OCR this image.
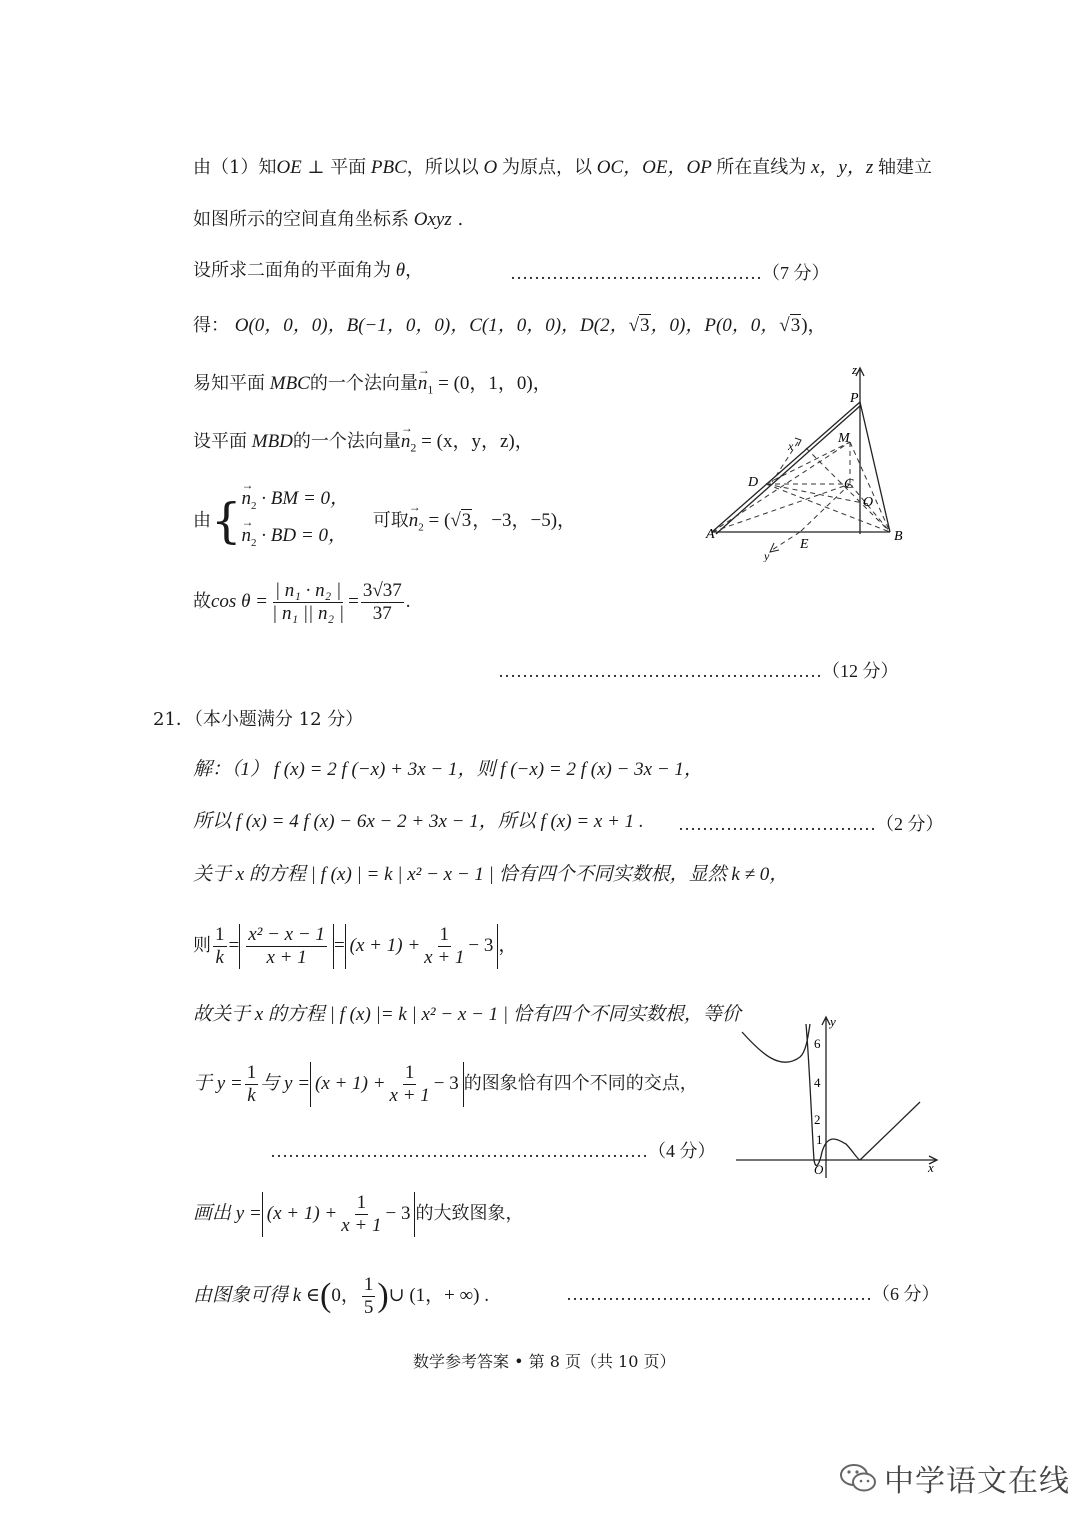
由（1）知OE ⊥ 平面 PBC，所以以 O 为原点，以 OC，OE，OP 所在直线为 x，y，z 轴建立
如图所示的空间直角坐标系 Oxyz .
设所求二面角的平面角为 θ，	……………………………………（7 分）
得： O(0，0，0)，B(−1，0，0)，C(1，0，0)，D(2，√3，0)，P(0，0，√3)，
易知平面 MBC的一个法向量→ $n_1 = (0$，1，0)，
设平面 MBD的一个法向量→ $n_2 = (x$，y，z)，
由{
→ $n_2$ · BM = 0，
→ $n_2$ · BD = 0，
可取→ $n_2 = (√3$，−3，−5)，
故 $\cos \theta = \frac{\text{| n₁ · n₂ |}}{\text{| n₁ || n₂ |}} = \frac{3√37}{37}$ .
………………………………………………（12 分）
21．（本小题满分 12 分）
解：（1） f (x) = 2 f (−x) + 3x − 1，则 f (−x) = 2 f (x) − 3x − 1，
所以 f (x) = 4 f (x) − 6x − 2 + 3x − 1，所以 f (x) = x + 1 . ……………………………（2 分）
关于 x 的方程 | f (x) | = k | x² − x − 1 | 恰有四个不同实数根，显然 k ≠ 0，
则 $\frac{1}{k} = \frac{\text{x² − x − 1}}{x + 1} = (x + 1) + \frac{1}{x + 1} - 3$ ，
故关于 x 的方程 | f (x) |= k | x² − x − 1 | 恰有四个不同实数根，等价
于 $y = \frac{1}{k}$ 与 $y = (x + 1) + \frac{1}{x + 1} - 3$ 的图象恰有四个不同的交点，
………………………………………………………（4 分）
画出 $y = (x + 1) + \frac{1}{x + 1} - 3$ 的大致图象，
由图象可得 k ∈ ( 0， $\frac{1}{5}$ ) ∪ (1，+ ∞) .	……………………………………………（6 分）
数学参考答案 • 第 8 页（共 10 页）
中学语文在线
z
P
M
x
D	C
O
A
E
B
y
y
6
4
2
1
O	x
